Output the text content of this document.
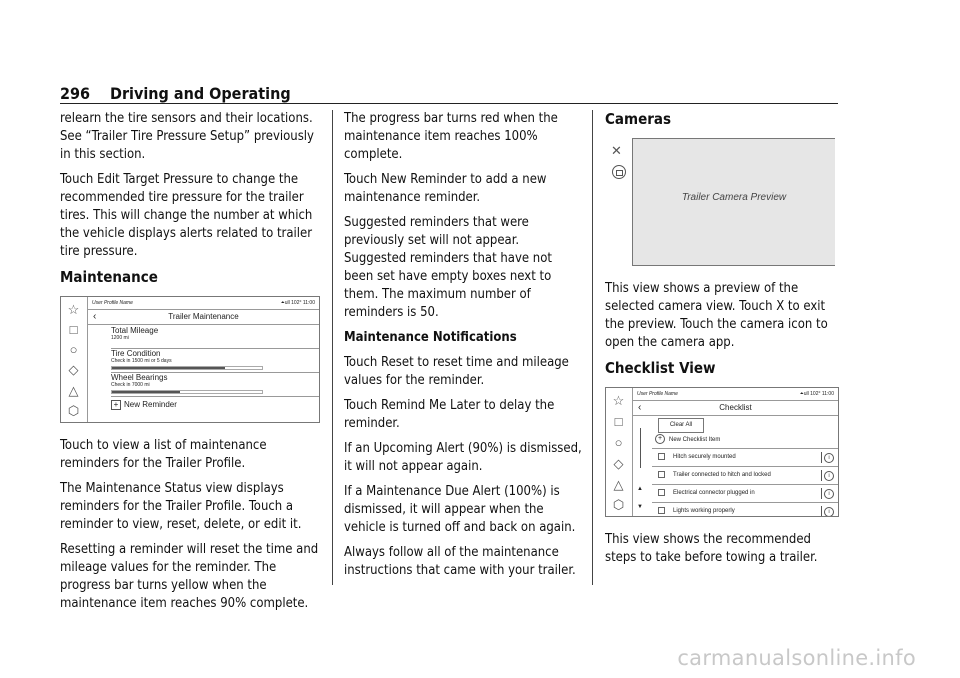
296 Driving and Operating

relearn the tire sensors and their locations. See “Trailer Tire Pressure Setup” previously in this section.

Touch Edit Target Pressure to change the recommended tire pressure for the trailer tires. This will change the number at which the vehicle displays alerts related to trailer tire pressure.

Maintenance
☆
□
○
◇
△
⬡
User Profile Name	⏶ull 102° 11:00
‹	Trailer Maintenance
Total Mileage
1200 mi
Tire Condition
Check in 1500 mi or 5 days
Wheel Bearings
Check in 7000 mi
+ New Reminder

Touch to view a list of maintenance reminders for the Trailer Profile.

The Maintenance Status view displays reminders for the Trailer Profile. Touch a reminder to view, reset, delete, or edit it.

Resetting a reminder will reset the time and mileage values for the reminder. The progress bar turns yellow when the maintenance item reaches 90% complete.

The progress bar turns red when the maintenance item reaches 100% complete.

Touch New Reminder to add a new maintenance reminder.

Suggested reminders that were previously set will not appear. Suggested reminders that have not been set have empty boxes next to them. The maximum number of reminders is 50.

Maintenance Notifications

Touch Reset to reset time and mileage values for the reminder.

Touch Remind Me Later to delay the reminder.

If an Upcoming Alert (90%) is dismissed, it will not appear again.

If a Maintenance Due Alert (100%) is dismissed, it will appear when the vehicle is turned off and back on again.

Always follow all of the maintenance instructions that came with your trailer.

Cameras
✕
Trailer Camera Preview

This view shows a preview of the selected camera view. Touch X to exit the preview. Touch the camera icon to open the camera app.

Checklist View
☆
□
○
◇
△
⬡
User Profile Name	⏶ull 102° 11:00
‹	Checklist
▲
▼
Clear All
+ New Checklist Item
Hitch securely mounted	i
Trailer connected to hitch and locked	i
Electrical connector plugged in	i
Lights working properly	i

This view shows the recommended steps to take before towing a trailer.

carmanualsonline.info
